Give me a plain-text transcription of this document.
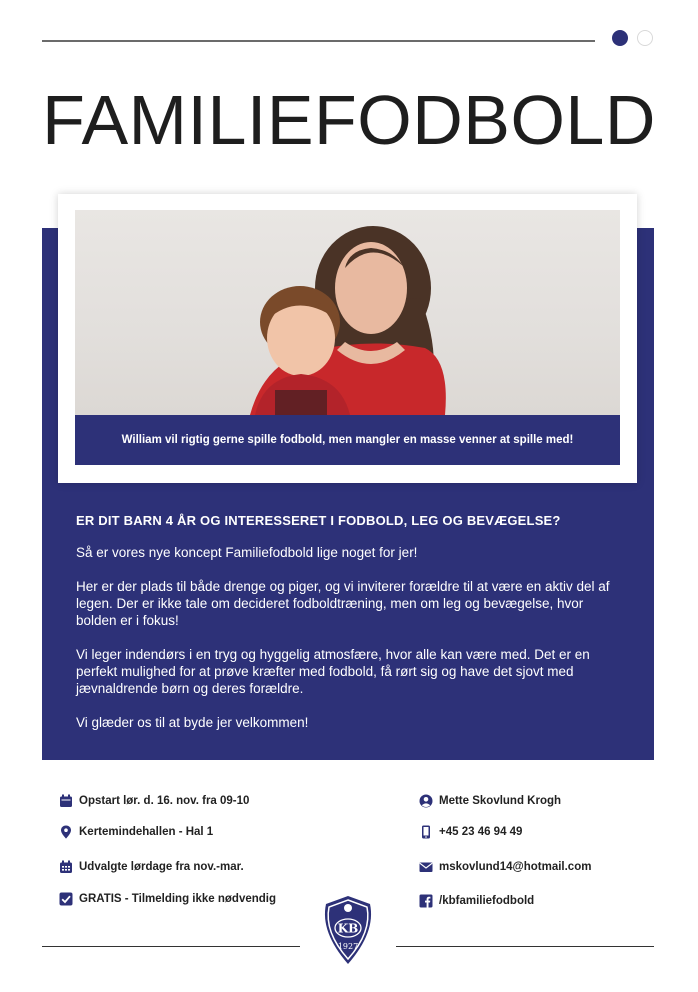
FAMILIEFODBOLD
William vil rigtig gerne spille fodbold, men mangler en masse venner at spille med!
ER DIT BARN 4 ÅR OG INTERESSERET I FODBOLD, LEG OG BEVÆGELSE?

Så er vores nye koncept Familiefodbold lige noget for jer!

Her er der plads til både drenge og piger, og vi inviterer forældre til at være en aktiv del af legen. Der er ikke tale om decideret fodboldtræning, men om leg og bevægelse, hvor bolden er i fokus!

Vi leger indendørs i en tryg og hyggelig atmosfære, hvor alle kan være med. Det er en perfekt mulighed for at prøve kræfter med fodbold, få rørt sig og have det sjovt med jævnaldrende børn og deres forældre.

Vi glæder os til at byde jer velkommen!

Opstart lør. d. 16. nov. fra 09-10
Kertemindehallen - Hal 1
Udvalgte lørdage fra nov.-mar.
GRATIS - Tilmelding ikke nødvendig
Mette Skovlund Krogh
+45 23 46 94 49
mskovlund14@hotmail.com
/kbfamiliefodbold
KB
1927
